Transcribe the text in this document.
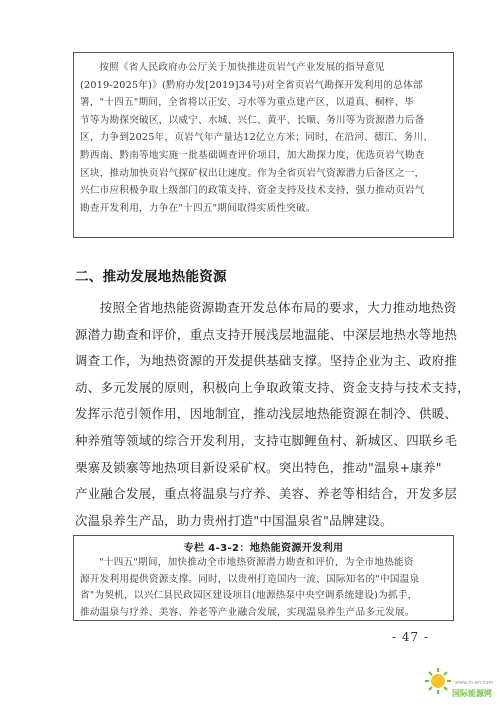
按照《省人民政府办公厅关于加快推进页岩气产业发展的指导意见
(2019-2025年)》(黔府办发[2019]34号)对全省页岩气勘探开发利用的总体部
署，"十四五"期间，全省将以正安、习水等为重点建产区，以道真、桐梓、毕
节等为勘探突破区，以威宁、水城、兴仁、黄平、长顺、务川等为资源潜力后备
区，力争到2025年，页岩气年产量达12亿立方米；同时，在沿河、德江、务川、
黔西南、黔南等地实施一批基础调查评价项目，加大勘探力度，优选页岩气勘查
区块，推动加快页岩气探矿权出让速度。作为全省页岩气资源潜力后备区之一，
兴仁市应积极争取上级部门的政策支持、资金支持及技术支持，强力推动页岩气
勘查开发利用，力争在"十四五"期间取得实质性突破。

二、推动发展地热能资源
按照全省地热能资源勘查开发总体布局的要求，大力推动地热资
源潜力勘查和评价，重点支持开展浅层地温能、中深层地热水等地热
调查工作，为地热资源的开发提供基础支撑。坚持企业为主、政府推
动、多元发展的原则，积极向上争取政策支持、资金支持与技术支持，
发挥示范引领作用，因地制宜，推动浅层地热能资源在制冷、供暖、
种养殖等领域的综合开发利用，支持屯脚鲤鱼村、新城区、四联乡毛
栗寨及锁寨等地热项目新设采矿权。突出特色，推动"温泉+康养"
产业融合发展，重点将温泉与疗养、美容、养老等相结合，开发多层
次温泉养生产品，助力贵州打造"中国温泉省"品牌建设。
专栏 4-3-2：地热能资源开发利用

"十四五"期间，加快推动全市地热资源潜力勘查和评价，为全市地热能资
源开发利用提供资源支撑。同时，以贵州打造国内一流、国际知名的"中国温泉
省"为契机，以兴仁县民政园区建设项目(地源热泵中央空调系统建设)为抓手，
推动温泉与疗养、美容、养老等产业融合发展，实现温泉养生产品多元发展。

- 47 -
www.in-en.com
国际能源网
